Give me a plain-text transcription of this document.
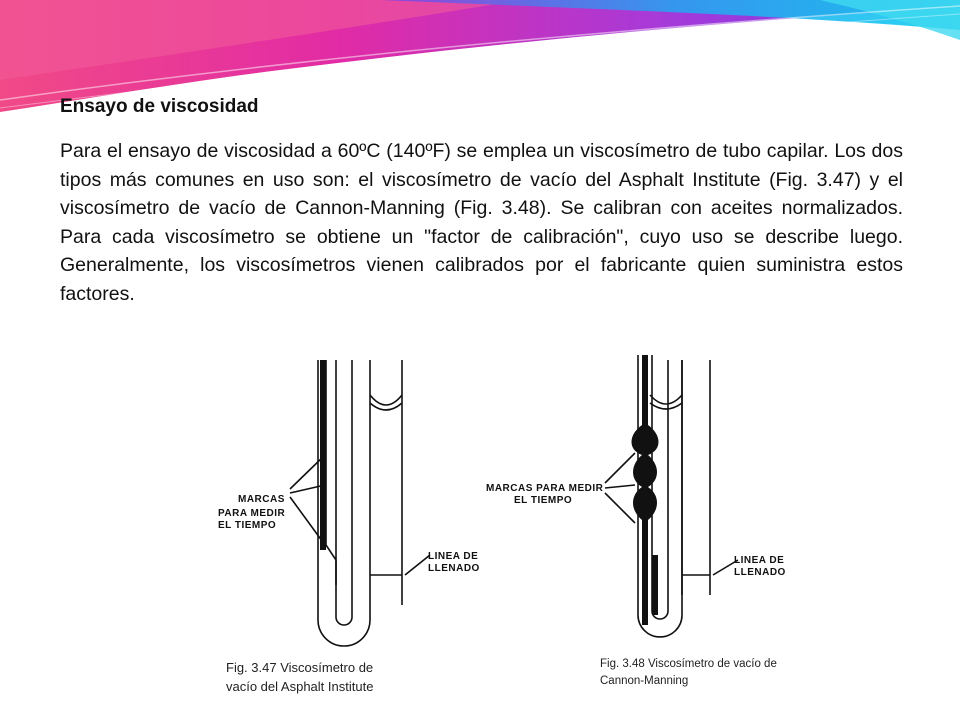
Ensayo de viscosidad

Para el ensayo de viscosidad a 60ºC (140ºF) se emplea un viscosímetro de tubo capilar. Los dos tipos más comunes en uso son: el viscosímetro de vacío del Asphalt Institute (Fig. 3.47) y el viscosímetro de vacío de Cannon-Manning (Fig. 3.48). Se calibran con aceites normalizados. Para cada viscosímetro se obtiene un "factor de calibración", cuyo uso se describe luego. Generalmente, los viscosímetros vienen calibrados por el fabricante quien suministra estos factores.

MARCAS
PARA MEDIR
EL TIEMPO
LINEA DE
LLENADO
Fig. 3.47 Viscosímetro de
vacío del Asphalt Institute
MARCAS PARA MEDIR
EL TIEMPO
LINEA DE
LLENADO
Fig. 3.48 Viscosímetro de vacío de
Cannon-Manning
